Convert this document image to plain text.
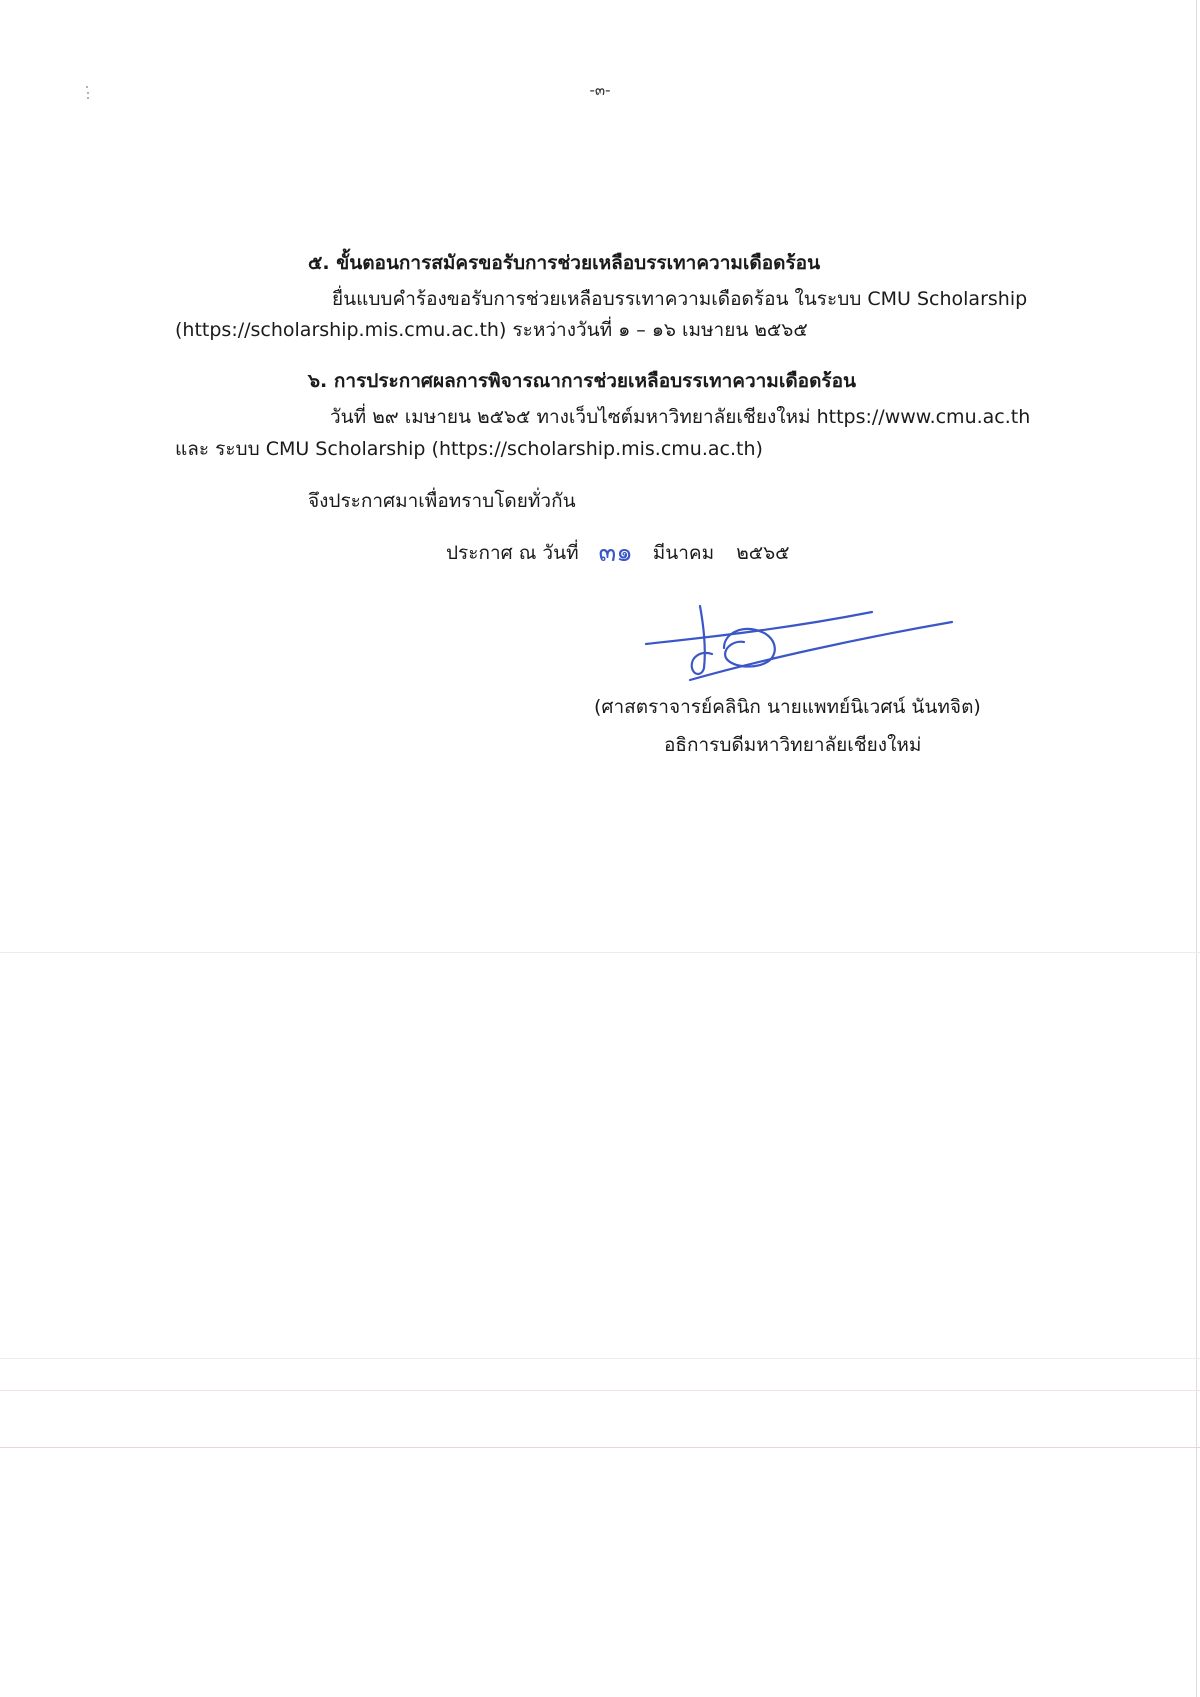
-๓-
๕. ขั้นตอนการสมัครขอรับการช่วยเหลือบรรเทาความเดือดร้อน
ยื่นแบบคำร้องขอรับการช่วยเหลือบรรเทาความเดือดร้อน ในระบบ CMU Scholarship
(https://scholarship.mis.cmu.ac.th) ระหว่างวันที่ ๑ – ๑๖ เมษายน ๒๕๖๕
๖. การประกาศผลการพิจารณาการช่วยเหลือบรรเทาความเดือดร้อน
วันที่ ๒๙ เมษายน ๒๕๖๕ ทางเว็บไซต์มหาวิทยาลัยเชียงใหม่ https://www.cmu.ac.th
และ ระบบ CMU Scholarship (https://scholarship.mis.cmu.ac.th)
จึงประกาศมาเพื่อทราบโดยทั่วกัน
ประกาศ ณ วันที่ ๓๑ มีนาคม ๒๕๖๕
(ศาสตราจารย์คลินิก นายแพทย์นิเวศน์ นันทจิต)
อธิการบดีมหาวิทยาลัยเชียงใหม่
